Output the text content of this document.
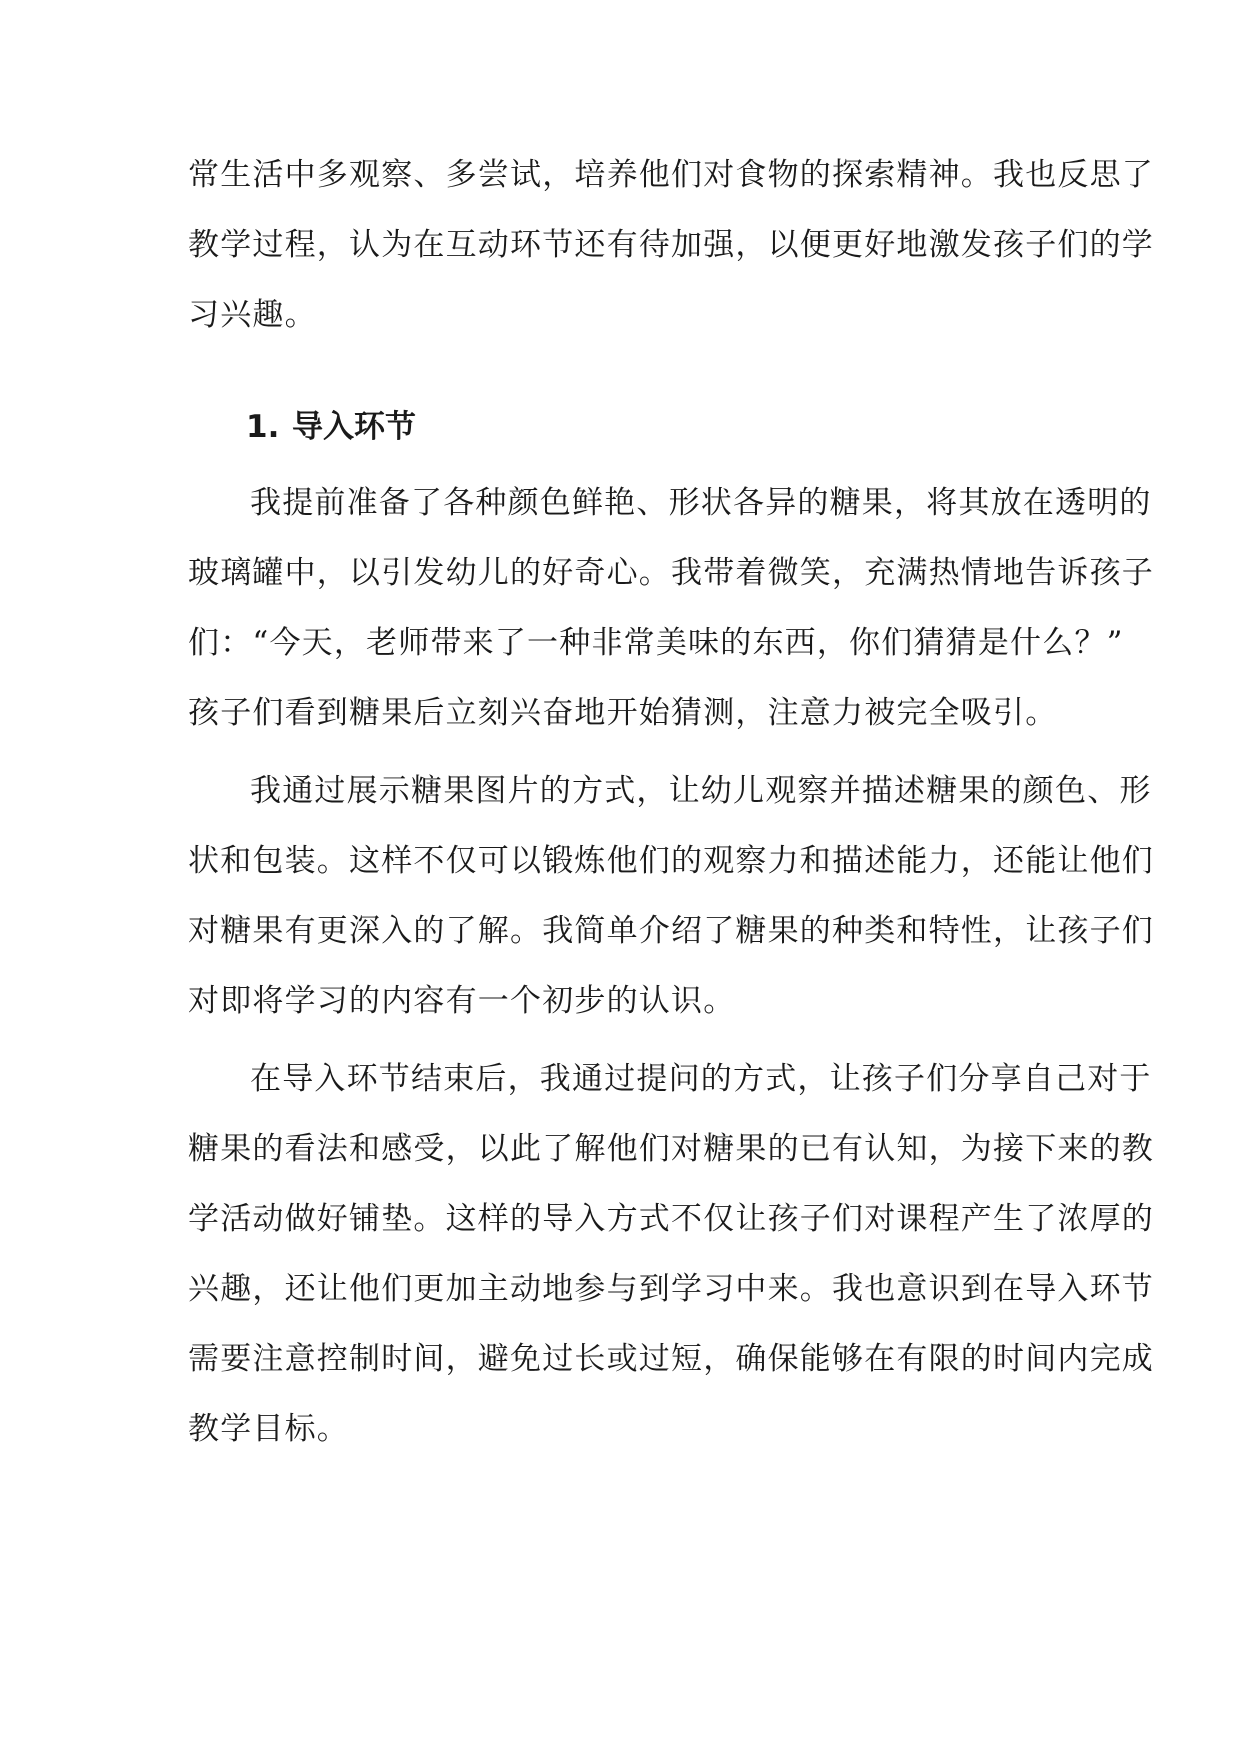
常生活中多观察、多尝试，培养他们对食物的探索精神。我也反思了
教学过程，认为在互动环节还有待加强，以便更好地激发孩子们的学
习兴趣。
1. 导入环节
我提前准备了各种颜色鲜艳、形状各异的糖果，将其放在透明的
玻璃罐中，以引发幼儿的好奇心。我带着微笑，充满热情地告诉孩子
们：“今天，老师带来了一种非常美味的东西，你们猜猜是什么？”
孩子们看到糖果后立刻兴奋地开始猜测，注意力被完全吸引。
我通过展示糖果图片的方式，让幼儿观察并描述糖果的颜色、形
状和包装。这样不仅可以锻炼他们的观察力和描述能力，还能让他们
对糖果有更深入的了解。我简单介绍了糖果的种类和特性，让孩子们
对即将学习的内容有一个初步的认识。
在导入环节结束后，我通过提问的方式，让孩子们分享自己对于
糖果的看法和感受，以此了解他们对糖果的已有认知，为接下来的教
学活动做好铺垫。这样的导入方式不仅让孩子们对课程产生了浓厚的
兴趣，还让他们更加主动地参与到学习中来。我也意识到在导入环节
需要注意控制时间，避免过长或过短，确保能够在有限的时间内完成
教学目标。
